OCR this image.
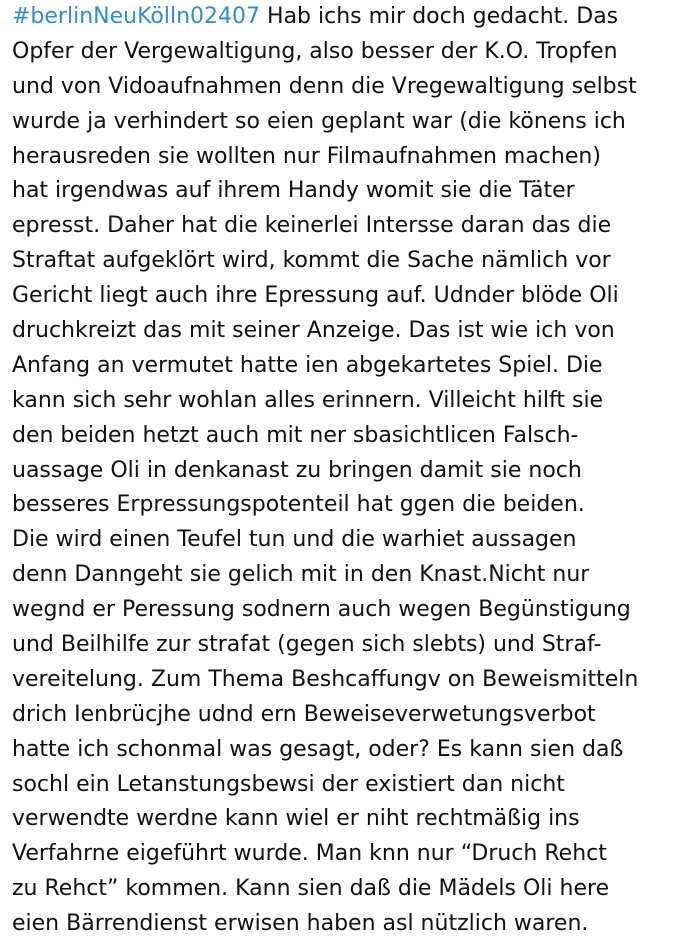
#berlinNeuKölln02407 Hab ichs mir doch gedacht. Das
Opfer der Vergewaltigung, also besser der K.O. Tropfen
und von Vidoaufnahmen denn die Vregewaltigung selbst
wurde ja verhindert so eien geplant war (die könens ich
herausreden sie wollten nur Filmaufnahmen machen)
hat irgendwas auf ihrem Handy womit sie die Täter
epresst. Daher hat die keinerlei Intersse daran das die
Straftat aufgeklört wird, kommt die Sache nämlich vor
Gericht liegt auch ihre Epressung auf. Udnder blöde Oli
druchkreizt das mit seiner Anzeige. Das ist wie ich von
Anfang an vermutet hatte ien abgekartetes Spiel. Die
kann sich sehr wohlan alles erinnern. Villeicht hilft sie
den beiden hetzt auch mit ner sbasichtlicen Falsch-
uassage Oli in denkanast zu bringen damit sie noch
besseres Erpressungspotenteil hat ggen die beiden.
Die wird einen Teufel tun und die warhiet aussagen
denn Danngeht sie gelich mit in den Knast.Nicht nur
wegnd er Peressung sodnern auch wegen Begünstigung
und Beilhilfe zur strafat (gegen sich slebts) und Straf-
vereitelung. Zum Thema Beshcaffungv on Beweismitteln
drich Ienbrücjhe udnd ern Beweiseverwetungsverbot
hatte ich schonmal was gesagt, oder? Es kann sien daß
sochl ein Letanstungsbewsi der existiert dan nicht
verwendte werdne kann wiel er niht rechtmäßig ins
Verfahrne eigeführt wurde. Man knn nur “Druch Rehct
zu Rehct” kommen. Kann sien daß die Mädels Oli here
eien Bärrendienst erwisen haben asl nützlich waren.
